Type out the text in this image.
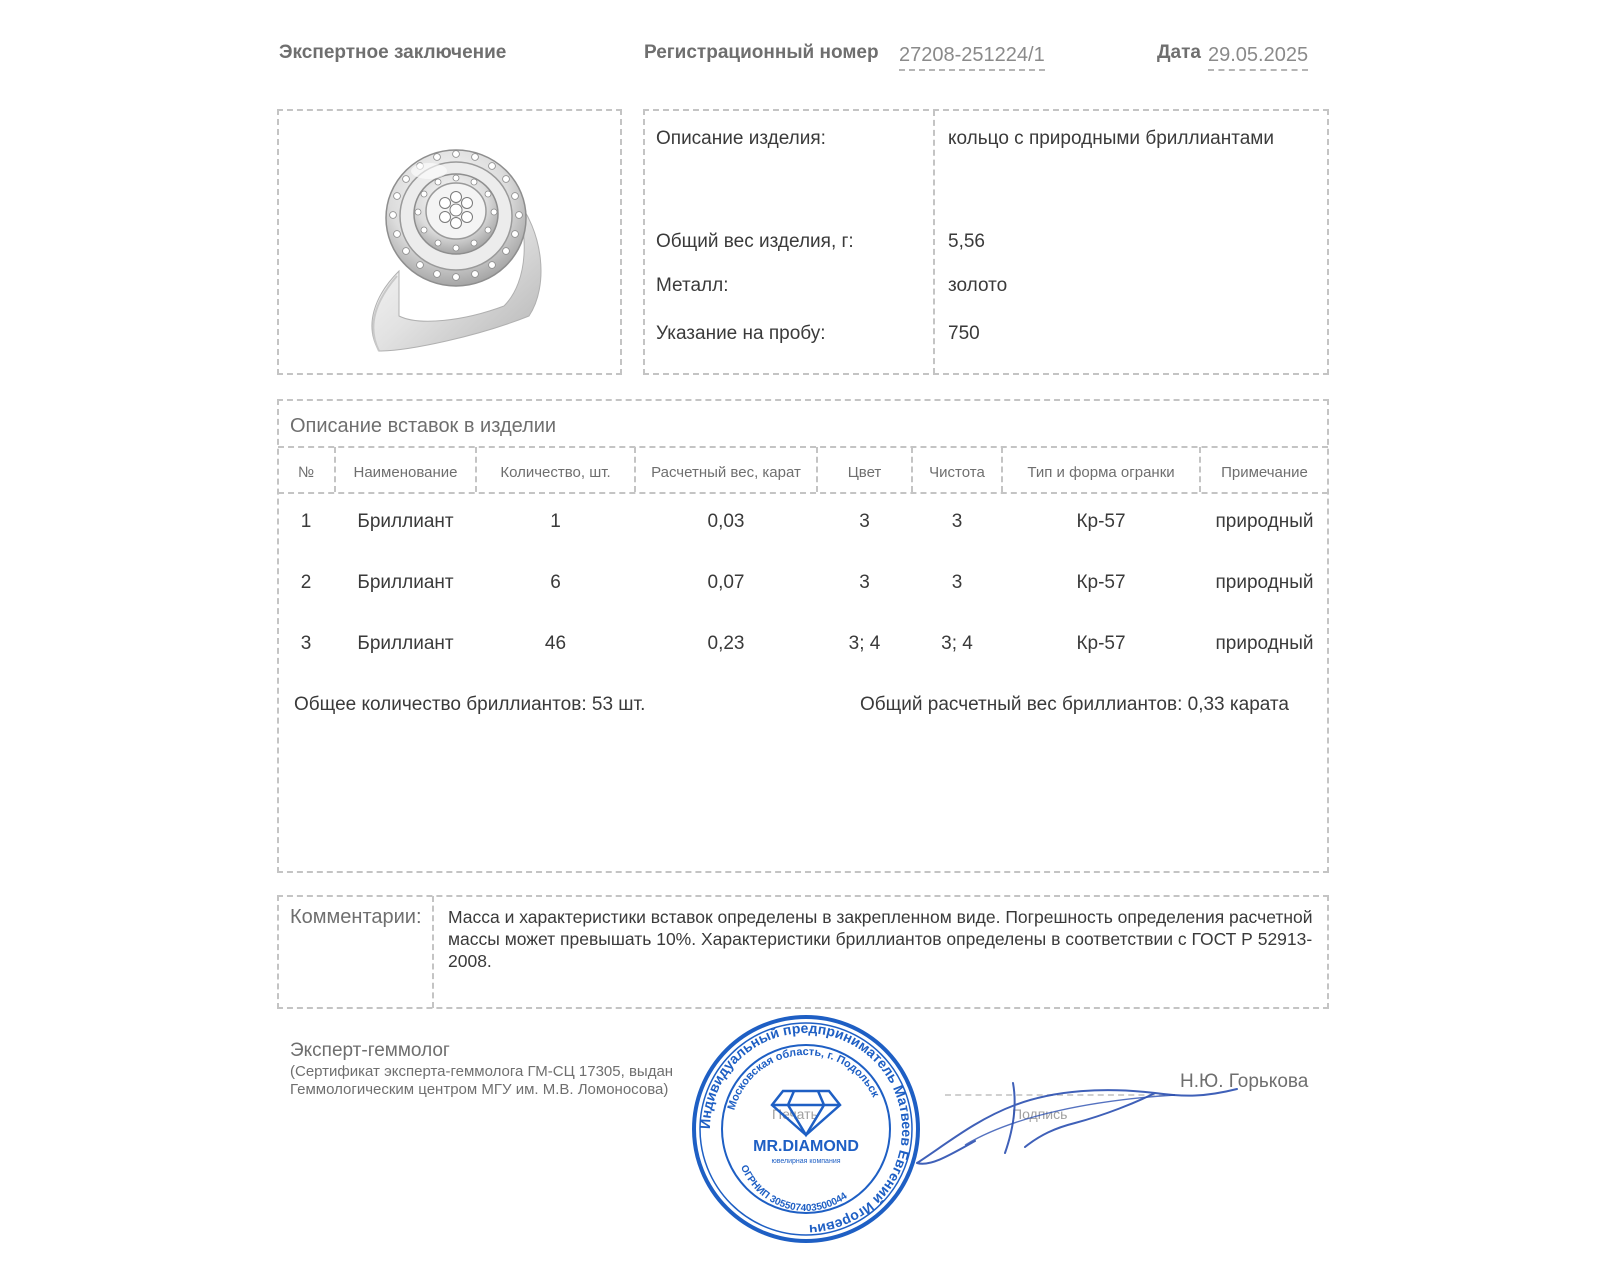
Экспертное заключение	Регистрационный номер 27208-251224/1	Дата 29.05.2025
Описание изделия:	кольцо с природными бриллиантами
Общий вес изделия, г:	5,56
Металл:	золото
Указание на пробу:	750
Описание вставок в изделии
№	Наименование	Количество, шт.	Расчетный вес, карат	Цвет	Чистота	Тип и форма огранки	Примечание
1	Бриллиант	1	0,03	3	3	Кр-57	природный
2	Бриллиант	6	0,07	3	3	Кр-57	природный
3	Бриллиант	46	0,23	3; 4	3; 4	Кр-57	природный
Общее количество бриллиантов: 53 шт.	Общий расчетный вес бриллиантов: 0,33 карата
Комментарии: Масса и характеристики вставок определены в закрепленном виде. Погрешность определения расчетной массы может превышать 10%. Характеристики бриллиантов определены в соответствии с ГОСТ Р 52913-2008.
Эксперт-геммолог
(Сертификат эксперта-геммолога ГМ-СЦ 17305, выдан Геммологическим центром МГУ им. М.В. Ломоносова)
Печать	Подпись
Н.Ю. Горькова
Индивидуальный предприниматель Матвеев Евгений Игоревич
Московская область, г. Подольск
ОГРНИП 305507403500044
MR.DIAMOND
ювелирная компания
